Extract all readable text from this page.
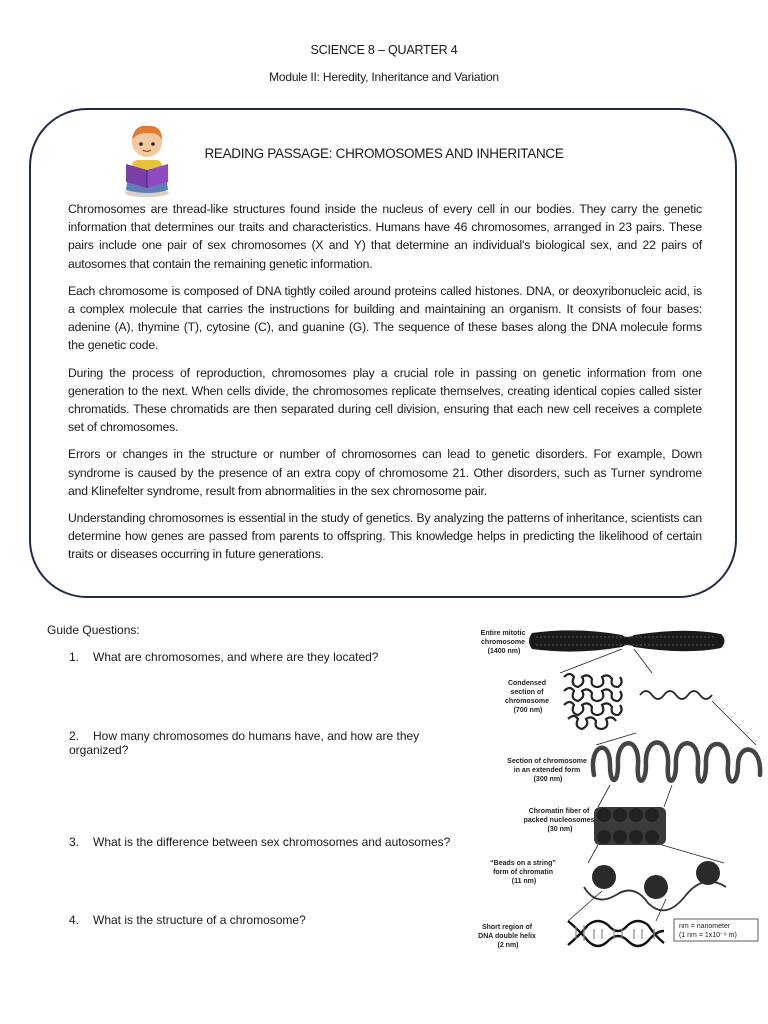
SCIENCE 8 – QUARTER 4
Module II: Heredity, Inheritance and Variation
READING PASSAGE: CHROMOSOMES AND INHERITANCE

Chromosomes are thread-like structures found inside the nucleus of every cell in our bodies. They carry the genetic information that determines our traits and characteristics. Humans have 46 chromosomes, arranged in 23 pairs. These pairs include one pair of sex chromosomes (X and Y) that determine an individual's biological sex, and 22 pairs of autosomes that contain the remaining genetic information.

Each chromosome is composed of DNA tightly coiled around proteins called histones. DNA, or deoxyribonucleic acid, is a complex molecule that carries the instructions for building and maintaining an organism. It consists of four bases: adenine (A), thymine (T), cytosine (C), and guanine (G). The sequence of these bases along the DNA molecule forms the genetic code.

During the process of reproduction, chromosomes play a crucial role in passing on genetic information from one generation to the next. When cells divide, the chromosomes replicate themselves, creating identical copies called sister chromatids. These chromatids are then separated during cell division, ensuring that each new cell receives a complete set of chromosomes.

Errors or changes in the structure or number of chromosomes can lead to genetic disorders. For example, Down syndrome is caused by the presence of an extra copy of chromosome 21. Other disorders, such as Turner syndrome and Klinefelter syndrome, result from abnormalities in the sex chromosome pair.

Understanding chromosomes is essential in the study of genetics. By analyzing the patterns of inheritance, scientists can determine how genes are passed from parents to offspring. This knowledge helps in predicting the likelihood of certain traits or diseases occurring in future generations.

Guide Questions:
1. What are chromosomes, and where are they located?
2. How many chromosomes do humans have, and how are they organized?
3. What is the difference between sex chromosomes and autosomes?
4. What is the structure of a chromosome?
Entire mitotic chromosome (1400 nm)
Condensed section of chromosome (700 nm)
Section of chromosome in an extended form (300 nm)
Chromatin fiber of packed nucleosomes (30 nm)
“Beads on a string” form of chromatin (11 nm)
Short region of DNA double helix (2 nm)
nm = nanometer
(1 nm = 1x10⁻⁹ m)
